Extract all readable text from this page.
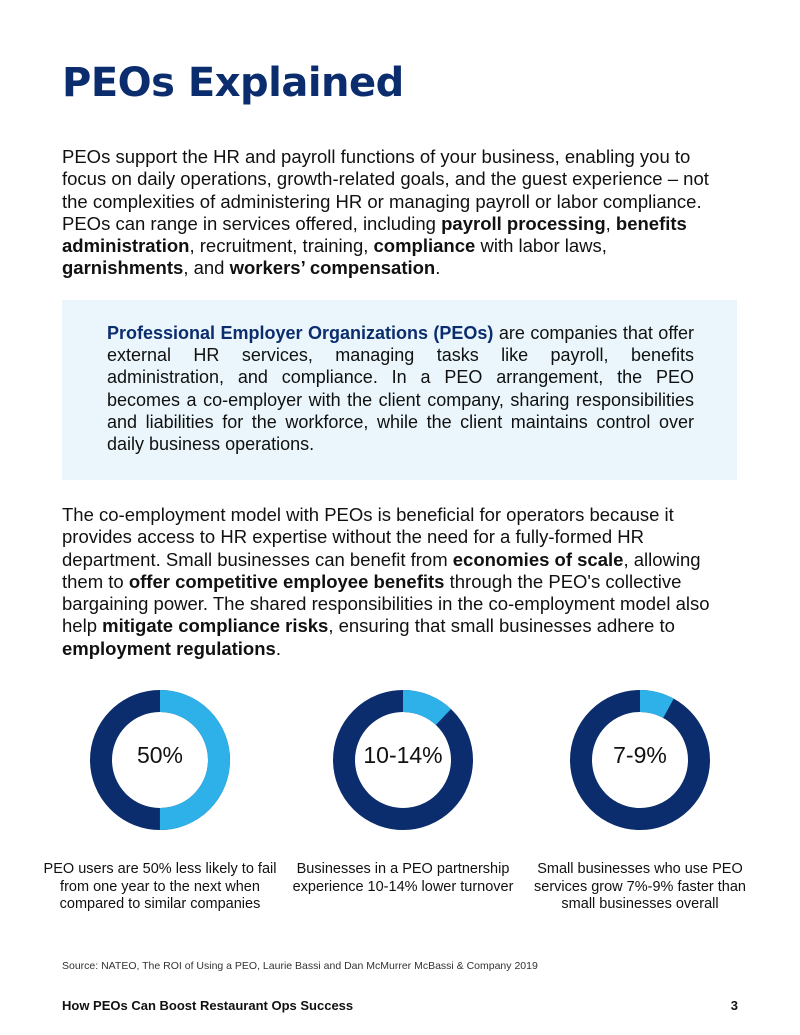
PEOs Explained

PEOs support the HR and payroll functions of your business, enabling you to focus on daily operations, growth-related goals, and the guest experience – not the complexities of administering HR or managing payroll or labor compliance. PEOs can range in services offered, including payroll processing, benefits administration, recruitment, training, compliance with labor laws, garnishments, and workers’ compensation.

Professional Employer Organizations (PEOs) are companies that offer external HR services, managing tasks like payroll, benefits administration, and compliance. In a PEO arrangement, the PEO becomes a co-employer with the client company, sharing responsibilities and liabilities for the workforce, while the client maintains control over daily business operations.

The co-employment model with PEOs is beneficial for operators because it provides access to HR expertise without the need for a fully-formed HR department. Small businesses can benefit from economies of scale, allowing them to offer competitive employee benefits through the PEO's collective bargaining power. The shared responsibilities in the co-employment model also help mitigate compliance risks, ensuring that small businesses adhere to employment regulations.

50%

PEO users are 50% less likely to fail from one year to the next when compared to similar companies

10-14%

Businesses in a PEO partnership experience 10-14% lower turnover

7-9%

Small businesses who use PEO services grow 7%-9% faster than small businesses overall

Source: NATEO, The ROI of Using a PEO, Laurie Bassi and Dan McMurrer McBassi & Company 2019
How PEOs Can Boost Restaurant Ops Success	3
